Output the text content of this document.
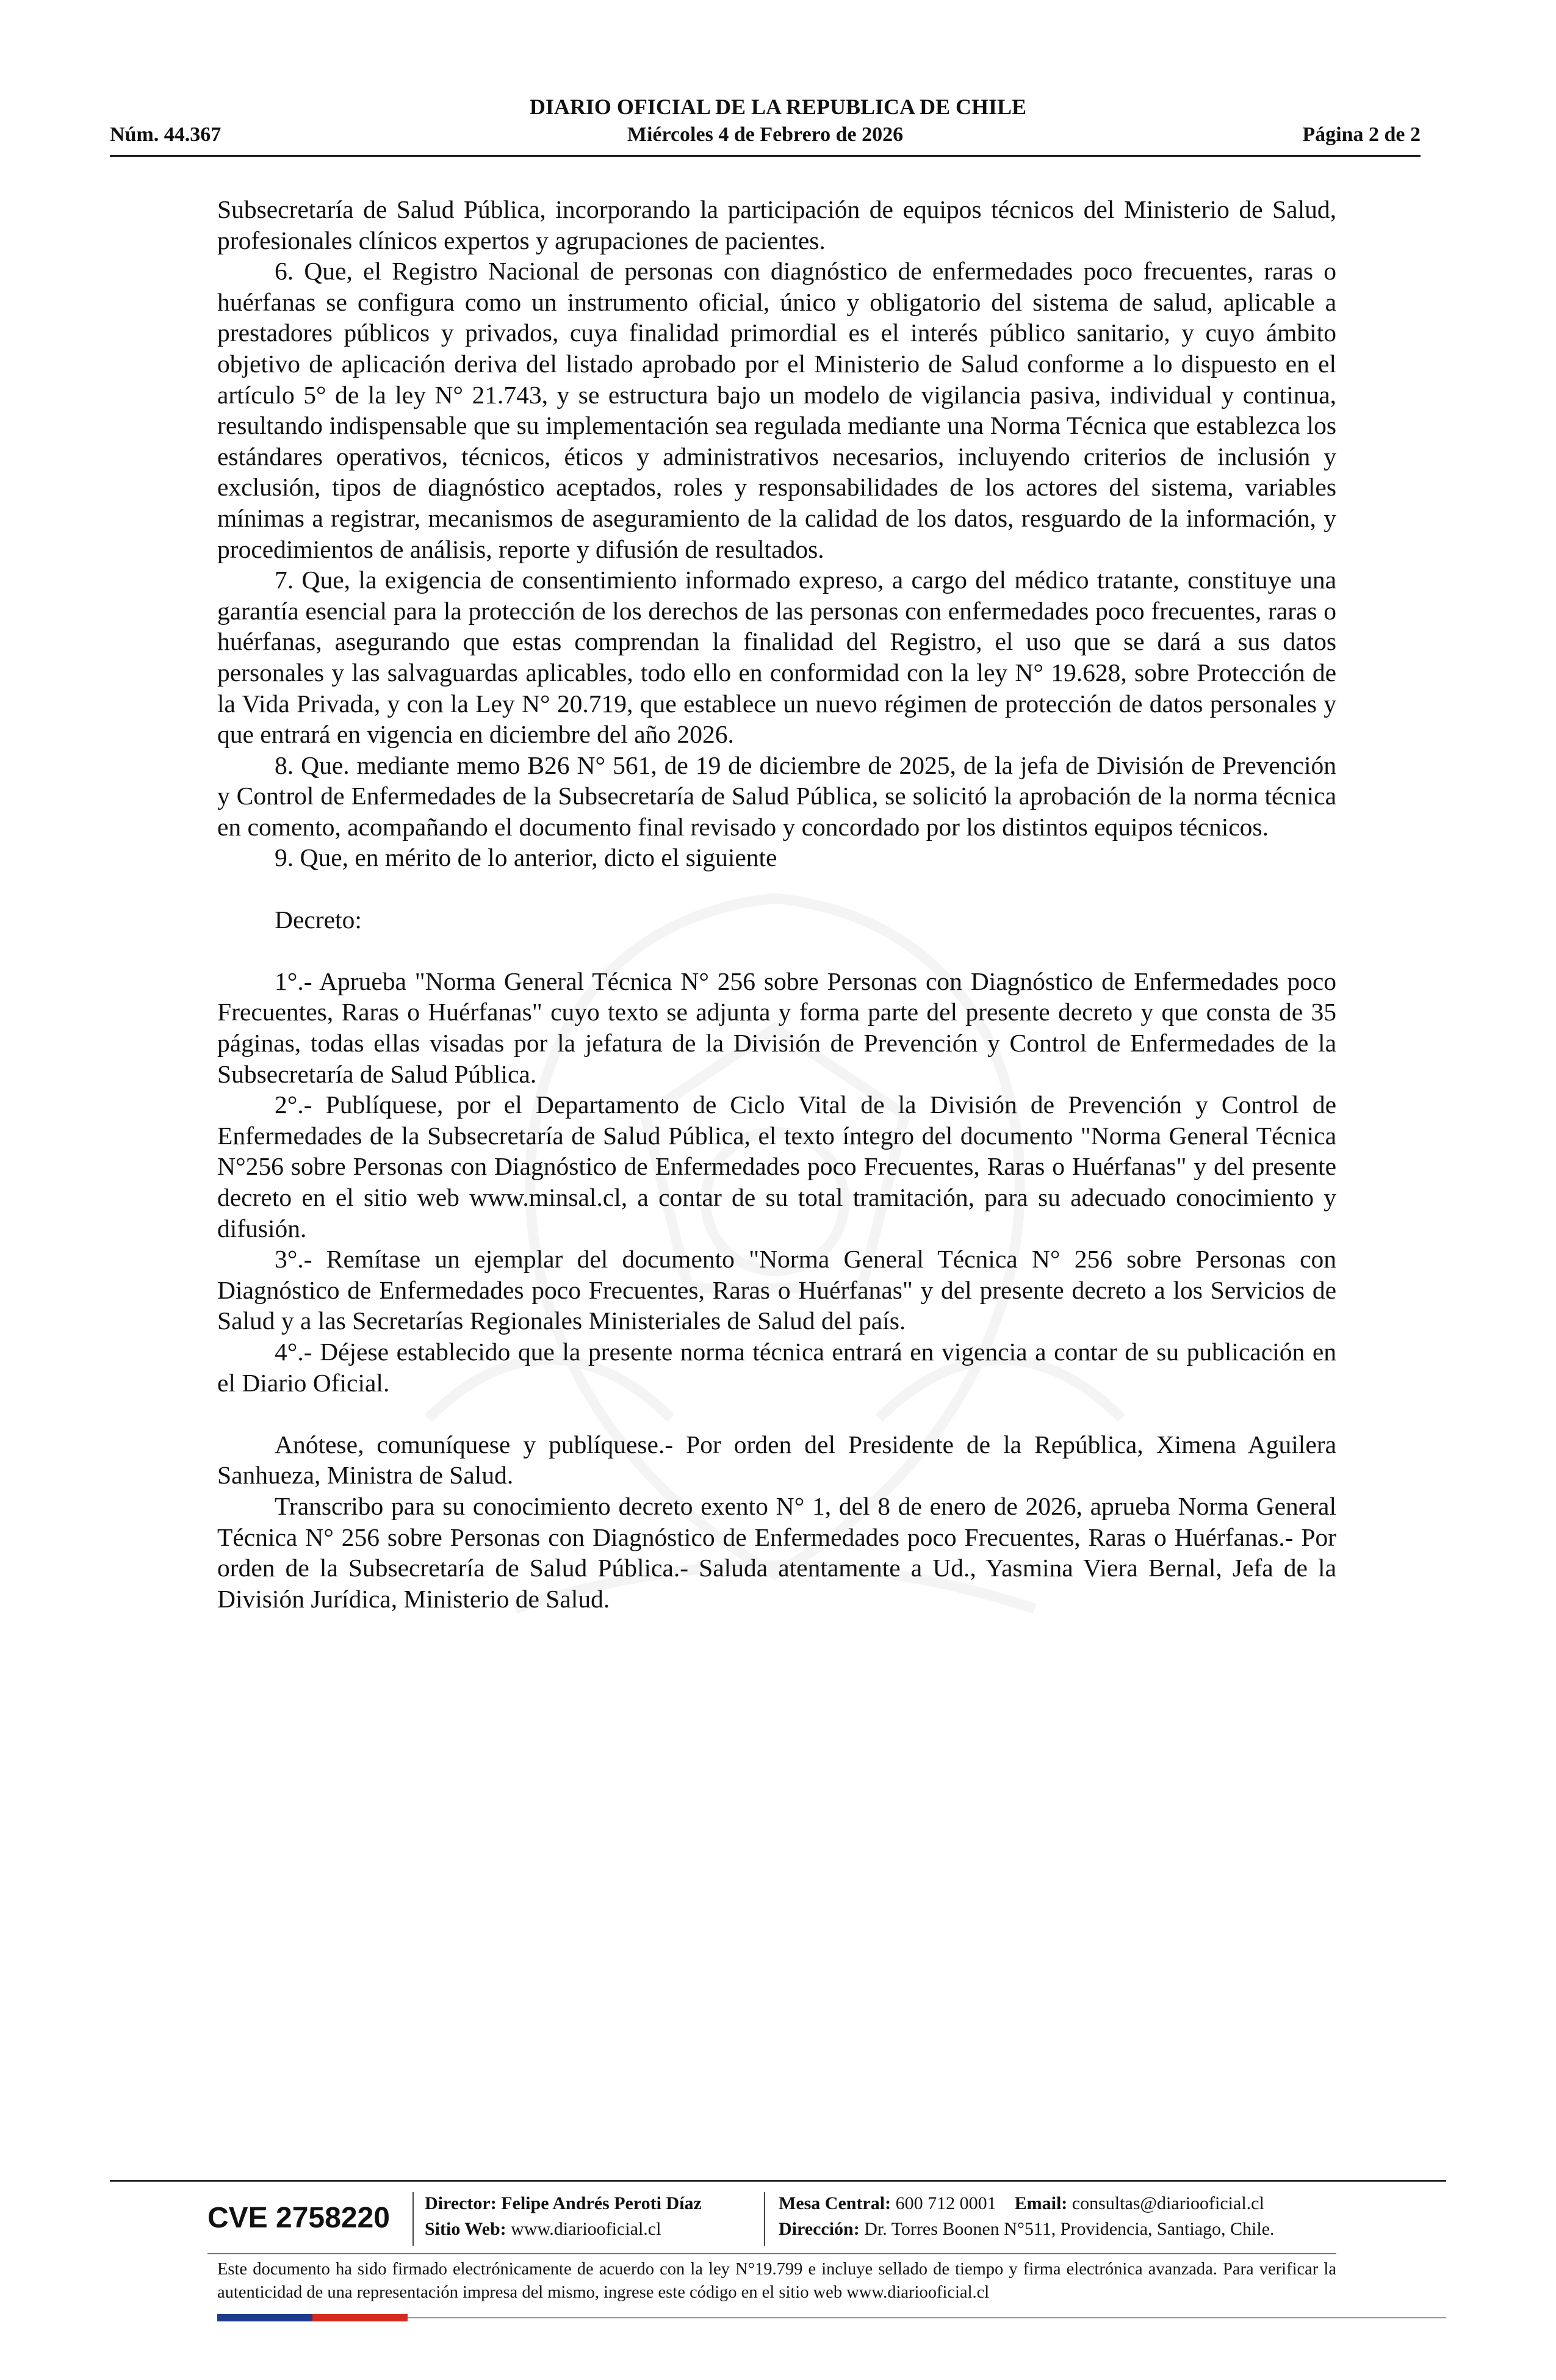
DIARIO OFICIAL DE LA REPUBLICA DE CHILE
Núm. 44.367	Miércoles 4 de Febrero de 2026	Página 2 de 2

Subsecretaría de Salud Pública, incorporando la participación de equipos técnicos del Ministerio de Salud, profesionales clínicos expertos y agrupaciones de pacientes.

6. Que, el Registro Nacional de personas con diagnóstico de enfermedades poco frecuentes, raras o huérfanas se configura como un instrumento oficial, único y obligatorio del sistema de salud, aplicable a prestadores públicos y privados, cuya finalidad primordial es el interés público sanitario, y cuyo ámbito objetivo de aplicación deriva del listado aprobado por el Ministerio de Salud conforme a lo dispuesto en el artículo 5° de la ley N° 21.743, y se estructura bajo un modelo de vigilancia pasiva, individual y continua, resultando indispensable que su implementación sea regulada mediante una Norma Técnica que establezca los estándares operativos, técnicos, éticos y administrativos necesarios, incluyendo criterios de inclusión y exclusión, tipos de diagnóstico aceptados, roles y responsabilidades de los actores del sistema, variables mínimas a registrar, mecanismos de aseguramiento de la calidad de los datos, resguardo de la información, y procedimientos de análisis, reporte y difusión de resultados.

7. Que, la exigencia de consentimiento informado expreso, a cargo del médico tratante, constituye una garantía esencial para la protección de los derechos de las personas con enfermedades poco frecuentes, raras o huérfanas, asegurando que estas comprendan la finalidad del Registro, el uso que se dará a sus datos personales y las salvaguardas aplicables, todo ello en conformidad con la ley N° 19.628, sobre Protección de la Vida Privada, y con la Ley N° 20.719, que establece un nuevo régimen de protección de datos personales y que entrará en vigencia en diciembre del año 2026.

8. Que. mediante memo B26 N° 561, de 19 de diciembre de 2025, de la jefa de División de Prevención y Control de Enfermedades de la Subsecretaría de Salud Pública, se solicitó la aprobación de la norma técnica en comento, acompañando el documento final revisado y concordado por los distintos equipos técnicos.

9. Que, en mérito de lo anterior, dicto el siguiente

Decreto:

1°.- Aprueba "Norma General Técnica N° 256 sobre Personas con Diagnóstico de Enfermedades poco Frecuentes, Raras o Huérfanas" cuyo texto se adjunta y forma parte del presente decreto y que consta de 35 páginas, todas ellas visadas por la jefatura de la División de Prevención y Control de Enfermedades de la Subsecretaría de Salud Pública.

2°.- Publíquese, por el Departamento de Ciclo Vital de la División de Prevención y Control de Enfermedades de la Subsecretaría de Salud Pública, el texto íntegro del documento "Norma General Técnica N°256 sobre Personas con Diagnóstico de Enfermedades poco Frecuentes, Raras o Huérfanas" y del presente decreto en el sitio web www.minsal.cl, a contar de su total tramitación, para su adecuado conocimiento y difusión.

3°.- Remítase un ejemplar del documento "Norma General Técnica N° 256 sobre Personas con Diagnóstico de Enfermedades poco Frecuentes, Raras o Huérfanas" y del presente decreto a los Servicios de Salud y a las Secretarías Regionales Ministeriales de Salud del país.

4°.- Déjese establecido que la presente norma técnica entrará en vigencia a contar de su publicación en el Diario Oficial.

Anótese, comuníquese y publíquese.- Por orden del Presidente de la República, Ximena Aguilera Sanhueza, Ministra de Salud.

Transcribo para su conocimiento decreto exento N° 1, del 8 de enero de 2026, aprueba Norma General Técnica N° 256 sobre Personas con Diagnóstico de Enfermedades poco Frecuentes, Raras o Huérfanas.- Por orden de la Subsecretaría de Salud Pública.- Saluda atentamente a Ud., Yasmina Viera Bernal, Jefa de la División Jurídica, Ministerio de Salud.

CVE 2758220 Director: Felipe Andrés Peroti Díaz
Sitio Web: www.diariooficial.cl
Mesa Central: 600 712 0001 Email: consultas@diariooficial.cl
Dirección: Dr. Torres Boonen N°511, Providencia, Santiago, Chile.
Este documento ha sido firmado electrónicamente de acuerdo con la ley N°19.799 e incluye sellado de tiempo y firma electrónica avanzada. Para verificar la autenticidad de una representación impresa del mismo, ingrese este código en el sitio web www.diariooficial.cl
